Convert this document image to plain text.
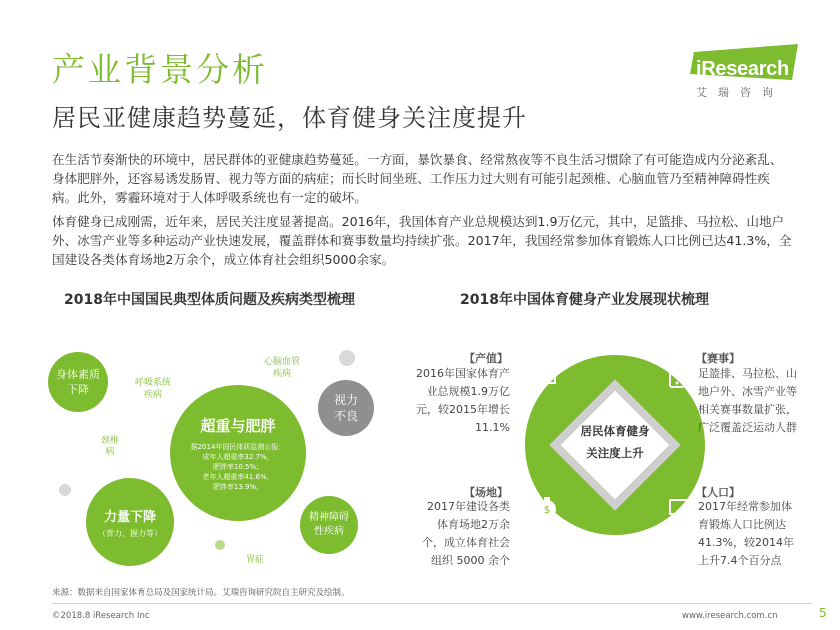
产业背景分析
居民亚健康趋势蔓延，体育健身关注度提升
iResearch
艾瑞咨询
在生活节奏渐快的环境中，居民群体的亚健康趋势蔓延。一方面，暴饮暴食、经常熬夜等不良生活习惯除了有可能造成内分泌紊乱、身体肥胖外，还容易诱发肠胃、视力等方面的病症；而长时间坐班、工作压力过大则有可能引起颈椎、心脑血管乃至精神障碍性疾病。此外，雾霾环境对于人体呼吸系统也有一定的破坏。
体育健身已成刚需，近年来，居民关注度显著提高。2016年，我国体育产业总规模达到1.9万亿元，其中，足篮排、马拉松、山地户外、冰雪产业等多种运动产业快速发展，覆盖群体和赛事数量均持续扩张。2017年，我国经常参加体育锻炼人口比例已达41.3%，全国建设各类体育场地2万余个，成立体育社会组织5000余家。
2018年中国国民典型体质问题及疾病类型梳理	2018年中国体育健身产业发展现状梳理
身体素质
下降	呼吸系统
疾病
心脑血管
疾病
视力
不良
颈椎
病
超重与肥胖
据2014年国民体质监测公报：
成年人超重率32.7%，
肥胖率10.5%；
老年人超重率41.6%，
肥胖率13.9%。
力量下降
（背力、握力等）
精神障碍
性疾病
胃症
$
居民体育健身
关注度上升
【产值】
2016年国家体育产
业总规模1.9万亿
元，较2015年增长
11.1%
【赛事】
足篮排、马拉松、山
地户外、冰雪产业等
相关赛事数量扩张，
广泛覆盖泛运动人群
【场地】
2017年建设各类
体育场地2万余
个，成立体育社会
组织 5000 余个
【人口】
2017年经常参加体
育锻炼人口比例达
41.3%，较2014年
上升7.4个百分点
来源：数据来自国家体育总局及国家统计局。艾瑞咨询研究院自主研究及绘制。
©2018.8 iResearch Inc	www.iresearch.com.cn	5
